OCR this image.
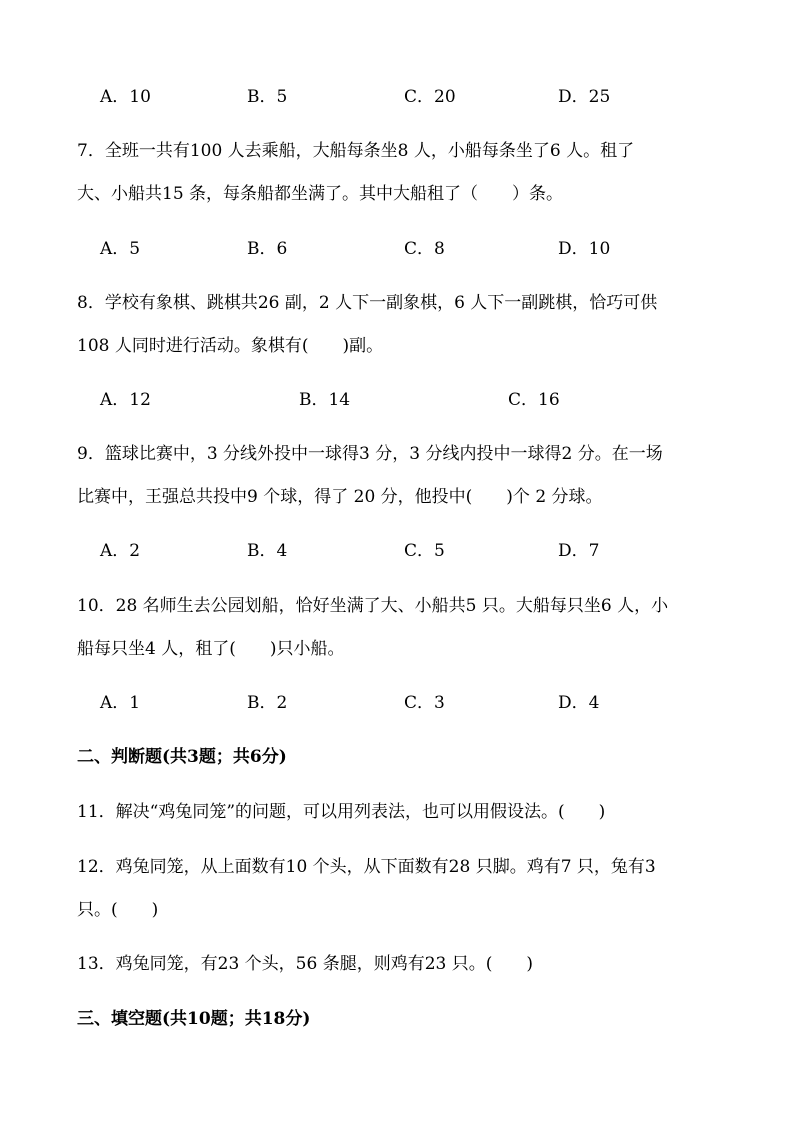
A．10	B．5	C．20	D．25
7．全班一共有100 人去乘船，大船每条坐8 人，小船每条坐了6 人。租了
大、小船共15 条，每条船都坐满了。其中大船租了（　　）条。
A．5	B．6	C．8	D．10
8．学校有象棋、跳棋共26 副，2 人下一副象棋，6 人下一副跳棋，恰巧可供
108 人同时进行活动。象棋有(　　)副。
A．12	B．14	C．16
9．篮球比赛中，3 分线外投中一球得3 分，3 分线内投中一球得2 分。在一场
比赛中，王强总共投中9 个球，得了 20 分，他投中(　　)个 2 分球。
A．2	B．4	C．5	D．7
10．28 名师生去公园划船，恰好坐满了大、小船共5 只。大船每只坐6 人，小
船每只坐4 人，租了(　　)只小船。
A．1	B．2	C．3	D．4
二、判断题(共3题；共6分)
11．解决“鸡兔同笼”的问题，可以用列表法，也可以用假设法。(　　)
12．鸡兔同笼，从上面数有10 个头，从下面数有28 只脚。鸡有7 只，兔有3
只。(　　)
13．鸡兔同笼，有23 个头，56 条腿，则鸡有23 只。(　　)
三、填空题(共10题；共18分)
